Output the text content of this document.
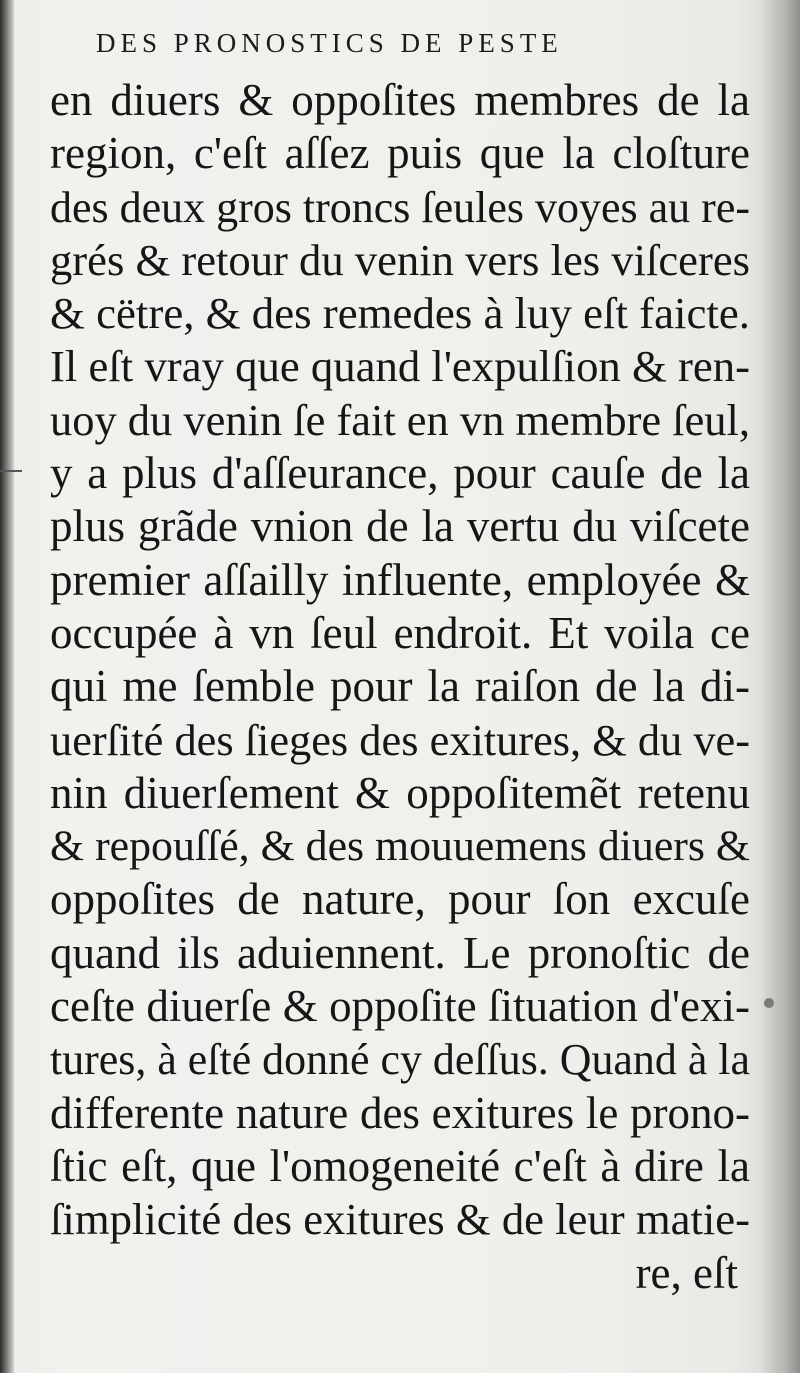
DES PRONOSTICS DE PESTE
en diuers & oppoſites membres de la
region, c'eſt aſſez puis que la cloſture
des deux gros troncs ſeules voyes au re-
grés & retour du venin vers les viſceres
& cëtre, & des remedes à luy eſt faicte.
Il eſt vray que quand l'expulſion & ren-
uoy du venin ſe fait en vn membre ſeul,
y a plus d'aſſeurance, pour cauſe de la
plus grãde vnion de la vertu du viſcete
premier aſſailly influente, employée &
occupée à vn ſeul endroit. Et voila ce
qui me ſemble pour la raiſon de la di-
uerſité des ſieges des exitures, & du ve-
nin diuerſement & oppoſitemẽt retenu
& repouſſé, & des mouuemens diuers &
oppoſites de nature, pour ſon excuſe
quand ils aduiennent. Le pronoſtic de
ceſte diuerſe & oppoſite ſituation d'exi-
tures, à eſté donné cy deſſus. Quand à la
differente nature des exitures le prono-
ſtic eſt, que l'omogeneité c'eſt à dire la
ſimplicité des exitures & de leur matie-
re, eſt
